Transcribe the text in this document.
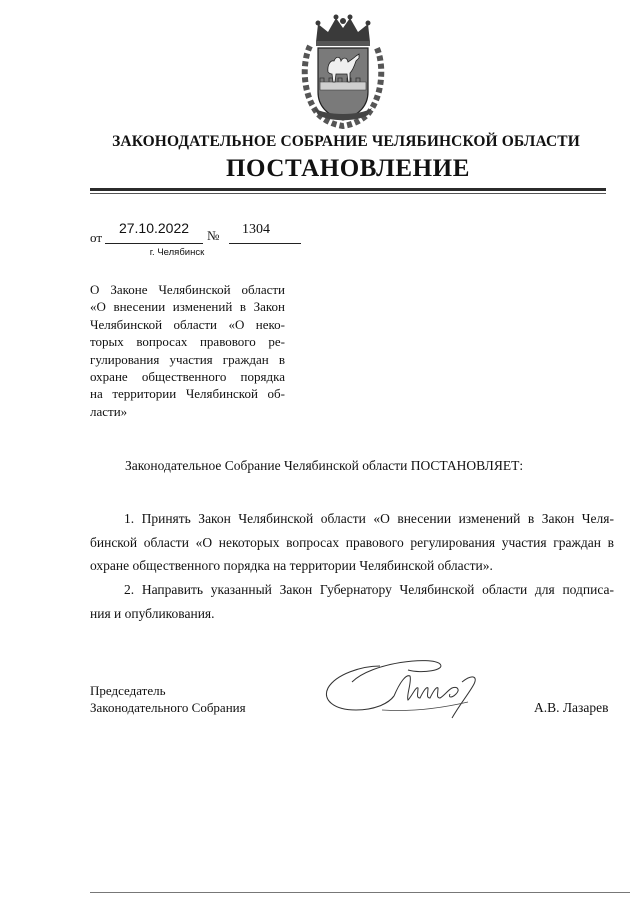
ЗАКОНОДАТЕЛЬНОЕ СОБРАНИЕ ЧЕЛЯБИНСКОЙ ОБЛАСТИ
ПОСТАНОВЛЕНИЕ
от
27.10.2022	№	1304
г. Челябинск
О Законе Челябинской области
«О внесении изменений в Закон
Челябинской области «О неко-
торых вопросах правового ре-
гулирования участия граждан в
охране общественного порядка
на территории Челябинской об-
ласти»
Законодательное Собрание Челябинской области ПОСТАНОВЛЯЕТ:
1. Принять Закон Челябинской области «О внесении изменений в Закон Челя-
бинской области «О некоторых вопросах правового регулирования участия граждан в
охране общественного порядка на территории Челябинской области».
2. Направить указанный Закон Губернатору Челябинской области для подписа-
ния и опубликования.
Председатель
Законодательного Собрания	А.В. Лазарев
